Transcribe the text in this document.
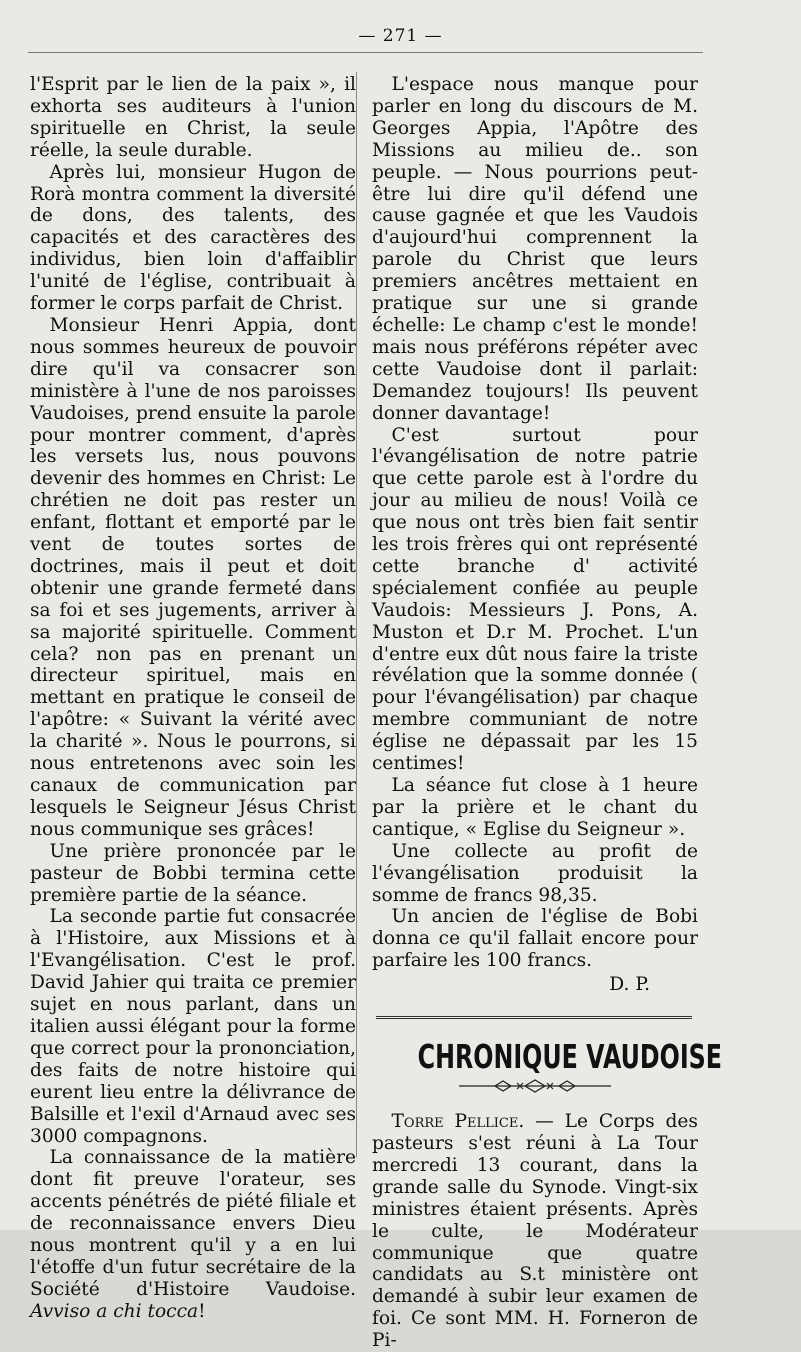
— 271 —

l'Esprit par le lien de la paix », il exhorta ses auditeurs à l'union spirituelle en Christ, la seule réelle, la seule durable.

Après lui, monsieur Hugon de Rorà montra comment la diversité de dons, des talents, des capacités et des caractères des individus, bien loin d'affaiblir l'unité de l'église, contribuait à former le corps parfait de Christ.

Monsieur Henri Appia, dont nous sommes heureux de pouvoir dire qu'il va consacrer son ministère à l'une de nos paroisses Vaudoises, prend ensuite la parole pour montrer comment, d'après les versets lus, nous pouvons devenir des hommes en Christ: Le chrétien ne doit pas rester un enfant, flottant et emporté par le vent de toutes sortes de doctrines, mais il peut et doit obtenir une grande fermeté dans sa foi et ses jugements, arriver à sa majorité spirituelle. Comment cela? non pas en prenant un directeur spirituel, mais en mettant en pratique le conseil de l'apôtre: « Suivant la vérité avec la charité ». Nous le pourrons, si nous entretenons avec soin les canaux de communication par lesquels le Seigneur Jésus Christ nous communique ses grâces!

Une prière prononcée par le pasteur de Bobbi termina cette première partie de la séance.

La seconde partie fut consacrée à l'Histoire, aux Missions et à l'Evangélisation. C'est le prof. David Jahier qui traita ce premier sujet en nous parlant, dans un italien aussi élégant pour la forme que correct pour la prononciation, des faits de notre histoire qui eurent lieu entre la délivrance de Balsille et l'exil d'Arnaud avec ses 3000 compagnons.

La connaissance de la matière dont fit preuve l'orateur, ses accents pénétrés de piété filiale et de reconnaissance envers Dieu nous montrent qu'il y a en lui l'étoffe d'un futur secrétaire de la Société d'Histoire Vaudoise. Avviso a chi tocca!

L'espace nous manque pour parler en long du discours de M. Georges Appia, l'Apôtre des Missions au milieu de.. son peuple. — Nous pourrions peut-être lui dire qu'il défend une cause gagnée et que les Vaudois d'aujourd'hui comprennent la parole du Christ que leurs premiers ancêtres mettaient en pratique sur une si grande échelle: Le champ c'est le monde! mais nous préférons répéter avec cette Vaudoise dont il parlait: Demandez toujours! Ils peuvent donner davantage!

C'est surtout pour l'évangélisation de notre patrie que cette parole est à l'ordre du jour au milieu de nous! Voilà ce que nous ont très bien fait sentir les trois frères qui ont représenté cette branche d' activité spécialement confiée au peuple Vaudois: Messieurs J. Pons, A. Muston et D.r M. Prochet. L'un d'entre eux dût nous faire la triste révélation que la somme donnée ( pour l'évangélisation) par chaque membre communiant de notre église ne dépassait par les 15 centimes!

La séance fut close à 1 heure par la prière et le chant du cantique, « Eglise du Seigneur ».

Une collecte au profit de l'évangélisation produisit la somme de francs 98,35.

Un ancien de l'église de Bobi donna ce qu'il fallait encore pour parfaire les 100 francs.

D. P.
CHRONIQUE VAUDOISE

Torre Pellice. — Le Corps des pasteurs s'est réuni à La Tour mercredi 13 courant, dans la grande salle du Synode. Vingt-six ministres étaient présents. Après le culte, le Modérateur communique que quatre candidats au S.t ministère ont demandé à subir leur examen de foi. Ce sont MM. H. Forneron de Pi-
